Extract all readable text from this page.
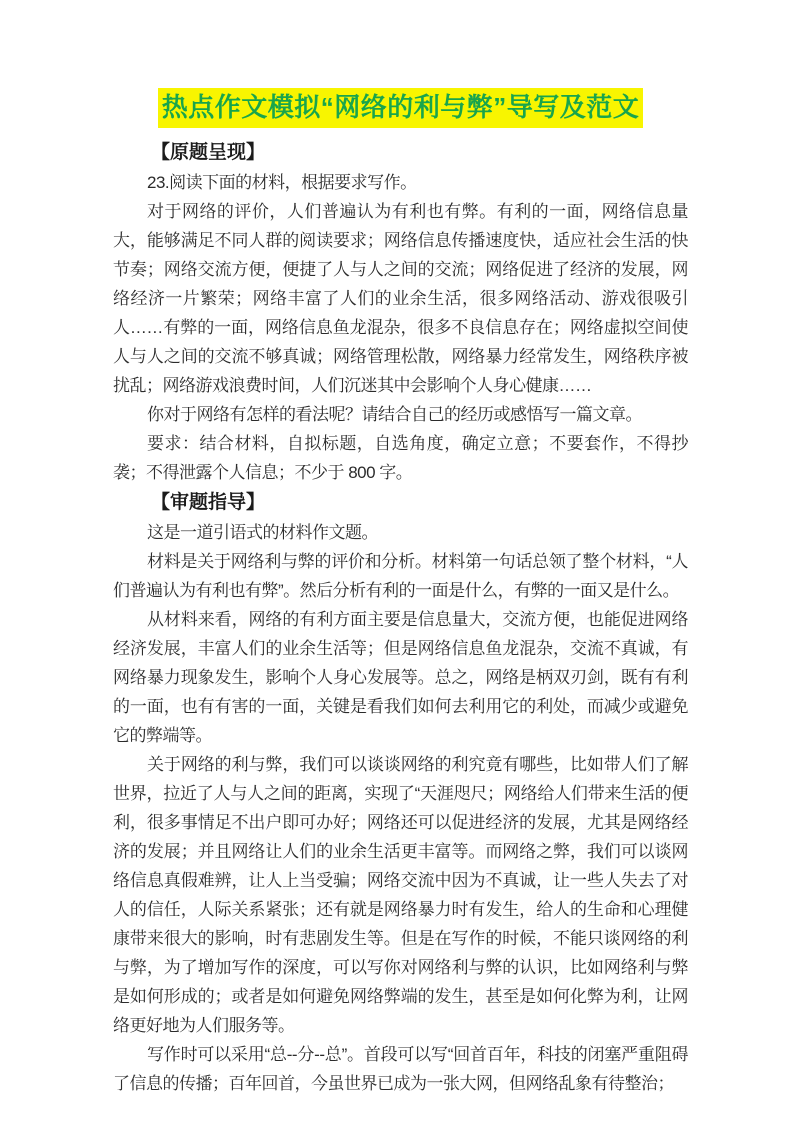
热点作文模拟“网络的利与弊”导写及范文

【原题呈现】

23.阅读下面的材料，根据要求写作。

对于网络的评价，人们普遍认为有利也有弊。有利的一面，网络信息量大，能够满足不同人群的阅读要求；网络信息传播速度快，适应社会生活的快节奏；网络交流方便，便捷了人与人之间的交流；网络促进了经济的发展，网络经济一片繁荣；网络丰富了人们的业余生活，很多网络活动、游戏很吸引人……有弊的一面，网络信息鱼龙混杂，很多不良信息存在；网络虚拟空间使人与人之间的交流不够真诚；网络管理松散，网络暴力经常发生，网络秩序被扰乱；网络游戏浪费时间，人们沉迷其中会影响个人身心健康……

你对于网络有怎样的看法呢？请结合自己的经历或感悟写一篇文章。

要求：结合材料，自拟标题，自选角度，确定立意；不要套作，不得抄袭；不得泄露个人信息；不少于 800 字。

【审题指导】

这是一道引语式的材料作文题。

材料是关于网络利与弊的评价和分析。材料第一句话总领了整个材料，“人们普遍认为有利也有弊”。然后分析有利的一面是什么，有弊的一面又是什么。

从材料来看，网络的有利方面主要是信息量大，交流方便，也能促进网络经济发展，丰富人们的业余生活等；但是网络信息鱼龙混杂，交流不真诚，有网络暴力现象发生，影响个人身心发展等。总之，网络是柄双刃剑，既有有利的一面，也有有害的一面，关键是看我们如何去利用它的利处，而减少或避免它的弊端等。

关于网络的利与弊，我们可以谈谈网络的利究竟有哪些，比如带人们了解世界，拉近了人与人之间的距离，实现了“天涯咫尺；网络给人们带来生活的便利，很多事情足不出户即可办好；网络还可以促进经济的发展，尤其是网络经济的发展；并且网络让人们的业余生活更丰富等。而网络之弊，我们可以谈网络信息真假难辨，让人上当受骗；网络交流中因为不真诚，让一些人失去了对人的信任，人际关系紧张；还有就是网络暴力时有发生，给人的生命和心理健康带来很大的影响，时有悲剧发生等。但是在写作的时候，不能只谈网络的利与弊，为了增加写作的深度，可以写你对网络利与弊的认识，比如网络利与弊是如何形成的；或者是如何避免网络弊端的发生，甚至是如何化弊为利，让网络更好地为人们服务等。

写作时可以采用“总--分--总”。首段可以写“回首百年，科技的闭塞严重阻碍了信息的传播；百年回首，今虽世界已成为一张大网，但网络乱象有待整治；
